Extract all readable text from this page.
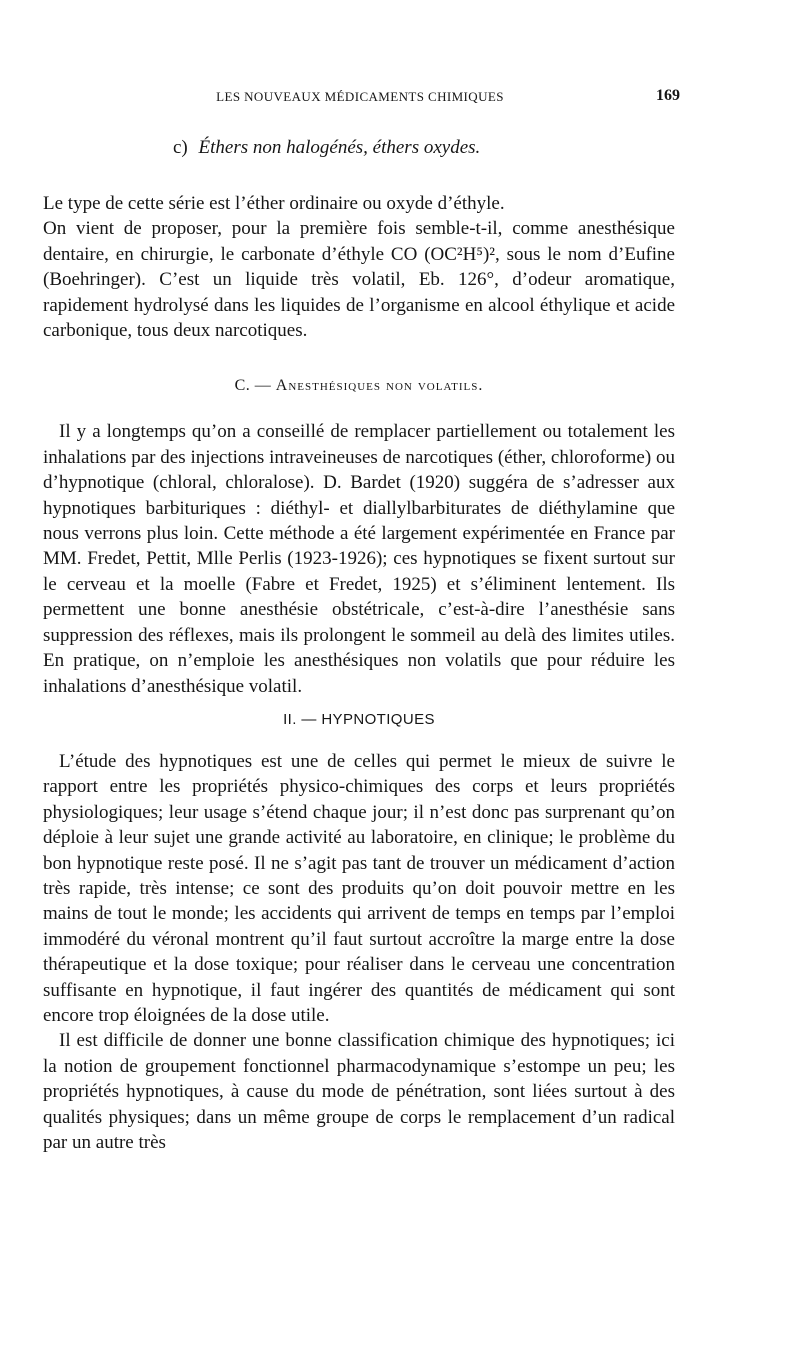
LES NOUVEAUX MÉDICAMENTS CHIMIQUES	169
c) Éthers non halogénés, éthers oxydes.

Le type de cette série est l’éther ordinaire ou oxyde d’éthyle.

On vient de proposer, pour la première fois semble-t-il, comme anesthésique dentaire, en chirurgie, le carbonate d’éthyle CO (OC²H⁵)², sous le nom d’Eufine (Boehringer). C’est un liquide très volatil, Eb. 126°, d’odeur aromatique, rapidement hydrolysé dans les liquides de l’organisme en alcool éthylique et acide carbonique, tous deux narcotiques.

C. — Anesthésiques non volatils.

Il y a longtemps qu’on a conseillé de remplacer partiellement ou totalement les inhalations par des injections intraveineuses de narcotiques (éther, chloroforme) ou d’hypnotique (chloral, chloralose). D. Bardet (1920) suggéra de s’adresser aux hypnotiques barbituriques : diéthyl- et diallylbarbiturates de diéthylamine que nous verrons plus loin. Cette méthode a été largement expérimentée en France par MM. Fredet, Pettit, Mlle Perlis (1923-1926); ces hypnotiques se fixent surtout sur le cerveau et la moelle (Fabre et Fredet, 1925) et s’éliminent lentement. Ils permettent une bonne anesthésie obstétricale, c’est-à-dire l’anesthésie sans suppression des réflexes, mais ils prolongent le sommeil au delà des limites utiles. En pratique, on n’emploie les anesthésiques non volatils que pour réduire les inhalations d’anesthésique volatil.

II. — HYPNOTIQUES

L’étude des hypnotiques est une de celles qui permet le mieux de suivre le rapport entre les propriétés physico-chimiques des corps et leurs propriétés physiologiques; leur usage s’étend chaque jour; il n’est donc pas surprenant qu’on déploie à leur sujet une grande activité au laboratoire, en clinique; le problème du bon hypnotique reste posé. Il ne s’agit pas tant de trouver un médicament d’action très rapide, très intense; ce sont des produits qu’on doit pouvoir mettre en les mains de tout le monde; les accidents qui arrivent de temps en temps par l’emploi immodéré du véronal montrent qu’il faut surtout accroître la marge entre la dose thérapeutique et la dose toxique; pour réaliser dans le cerveau une concentration suffisante en hypnotique, il faut ingérer des quantités de médicament qui sont encore trop éloignées de la dose utile.

Il est difficile de donner une bonne classification chimique des hypnotiques; ici la notion de groupement fonctionnel pharmacodynamique s’estompe un peu; les propriétés hypnotiques, à cause du mode de pénétration, sont liées surtout à des qualités physiques; dans un même groupe de corps le remplacement d’un radical par un autre très
